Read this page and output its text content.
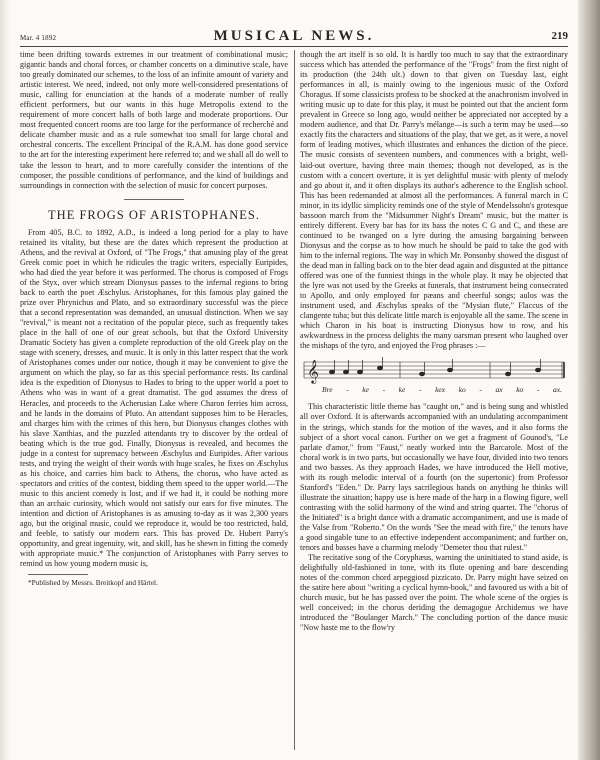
Mar. 4 1892	MUSICAL NEWS.	219

time been drifting towards extremes in our treatment of combinational music; gigantic bands and choral forces, or chamber concerts on a diminutive scale, have too greatly dominated our schemes, to the loss of an infinite amount of variety and artistic interest. We need, indeed, not only more well-considered presentations of music, calling for enunciation at the hands of a moderate number of really efficient performers, but our wants in this huge Metropolis extend to the requirement of more concert halls of both large and moderate proportions. Our most frequented concert rooms are too large for the performance of recherché and delicate chamber music and as a rule somewhat too small for large choral and orchestral concerts. The excellent Principal of the R.A.M. has done good service to the art for the interesting experiment here referred to; and we shall all do well to take the lesson to heart, and to more carefully consider the intentions of the composer, the possible conditions of performance, and the kind of buildings and surroundings in connection with the selection of music for concert purposes.

THE FROGS OF ARISTOPHANES.

From 405, B.C. to 1892, A.D., is indeed a long period for a play to have retained its vitality, but these are the dates which represent the production at Athens, and the revival at Oxford, of "The Frogs," that amusing play of the great Greek comic poet in which he ridicules the tragic writers, especially Euripides, who had died the year before it was performed. The chorus is composed of Frogs of the Styx, over which stream Dionysus passes to the infernal regions to bring back to earth the poet Æschylus. Aristophanes, for this famous play gained the prize over Phrynichus and Plato, and so extraordinary successful was the piece that a second representation was demanded, an unusual distinction. When we say "revival," is meant not a recitation of the popular piece, such as frequently takes place in the hall of one of our great schools, but that the Oxford University Dramatic Society has given a complete reproduction of the old Greek play on the stage with scenery, dresses, and music. It is only in this latter respect that the work of Aristophanes comes under our notice, though it may be convenient to give the argument on which the play, so far as this special performance rests. Its cardinal idea is the expedition of Dionysus to Hades to bring to the upper world a poet to Athens who was in want of a great dramatist. The god assumes the dress of Heracles, and proceeds to the Acherusian Lake where Charon ferries him across, and he lands in the domains of Pluto. An attendant supposes him to be Heracles, and charges him with the crimes of this hero, but Dionysus changes clothes with his slave Xanthias, and the puzzled attendants try to discover by the ordeal of beating which is the true god. Finally, Dionysus is revealed, and becomes the judge in a contest for supremacy between Æschylus and Euripides. After various tests, and trying the weight of their words with huge scales, he fixes on Æschylus as his choice, and carries him back to Athens, the chorus, who have acted as spectators and critics of the contest, bidding them speed to the upper world.—The music to this ancient comedy is lost, and if we had it, it could be nothing more than an archaic curiosity, which would not satisfy our ears for five minutes. The intention and diction of Aristophanes is as amusing to-day as it was 2,300 years ago, but the original music, could we reproduce it, would be too restricted, bald, and feeble, to satisfy our modern ears. This has proved Dr. Hubert Parry's opportunity, and great ingenuity, wit, and skill, has he shewn in fitting the comedy with appropriate music.* The conjunction of Aristophanes with Parry serves to remind us how young modern music is,

*Published by Messrs. Breitkopf and Härtel.

though the art itself is so old. It is hardly too much to say that the extraordinary success which has attended the performance of the "Frogs" from the first night of its production (the 24th ult.) down to that given on Tuesday last, eight performances in all, is mainly owing to the ingenious music of the Oxford Choragus. If some classicists profess to be shocked at the anachronism involved in writing music up to date for this play, it must be pointed out that the ancient form prevalent in Greece so long ago, would neither be appreciated nor accepted by a modern audience, and that Dr. Parry's mélange—is such a term may be used—so exactly fits the characters and situations of the play, that we get, as it were, a novel form of leading motives, which illustrates and enhances the diction of the piece. The music consists of seventeen numbers, and commences with a bright, well-laid-out overture, having three main themes; though not developed, as is the custom with a concert overture, it is yet delightful music with plenty of melody and go about it, and it often displays its author's adherence to the English school. This has been redemanded at almost all the performances. A funeral march in C minor, in its idyllic simplicity reminds one of the style of Mendelssohn's grotesque bassoon march from the "Midsummer Night's Dream" music, but the matter is entirely different. Every bar has for its bass the notes C G and C, and these are continued to be twanged on a lyre during the amusing bargaining between Dionysus and the corpse as to how much he should be paid to take the god with him to the infernal regions. The way in which Mr. Ponsonby showed the disgust of the dead man in falling back on to the bier dead again and disgusted at the pittance offered was one of the funniest things in the whole play. It may be objected that the lyre was not used by the Greeks at funerals, that instrument being consecrated to Apollo, and only employed for pæans and cheerful songs; aulos was the instrument used, and Æschylus speaks of the "Mysian flute," Flaccus of the clangente tuba; but this delicate little march is enjoyable all the same. The scene in which Charon in his boat is instructing Dionysus how to row, and his awkwardness in the process delights the many oarsman present who laughed over the mishaps of the tyro, and enjoyed the Frog phrases :—

𝄞
Bre - ke - ke - kex ko - ax ko - ax.

This characteristic little theme has "caught on," and is being sung and whistled all over Oxford. It is afterwards accompanied with an undulating accompaniment in the strings, which stands for the motion of the waves, and it also forms the subject of a short vocal canon. Further on we get a fragment of Gounod's, "Le parlate d'amor," from "Faust," neatly worked into the Barcarole. Most of the choral work is in two parts, but occasionally we have four, divided into two tenors and two basses. As they approach Hades, we have introduced the Hell motive, with its rough melodic interval of a fourth (on the supertonic) from Professor Stanford's "Eden." Dr. Parry lays sacrilegious hands on anything he thinks will illustrate the situation; happy use is here made of the harp in a flowing figure, well contrasting with the solid harmony of the wind and string quartet. The "chorus of the Initiated" is a bright dance with a dramatic accompaniment, and use is made of the Valse from "Roberto." On the words "See the mead with fire," the tenors have a good singable tune to an effective independent accompaniment; and further on, tenors and basses have a charming melody "Demeter thou that rulest."

The recitative song of the Coryphæus, warning the uninitiated to stand aside, is delightfully old-fashioned in tone, with its flute opening and bare descending notes of the common chord arpeggiosd pizzicato. Dr. Parry might have seized on the satire here about "writing a cyclical hymn-book," and favoured us with a bit of church music, but he has passed over the point. The whole scene of the orgies is well conceived; in the chorus deriding the demagogue Archidemus we have introduced the "Boulanger March." The concluding portion of the dance music "Now haste me to the flow'ry
